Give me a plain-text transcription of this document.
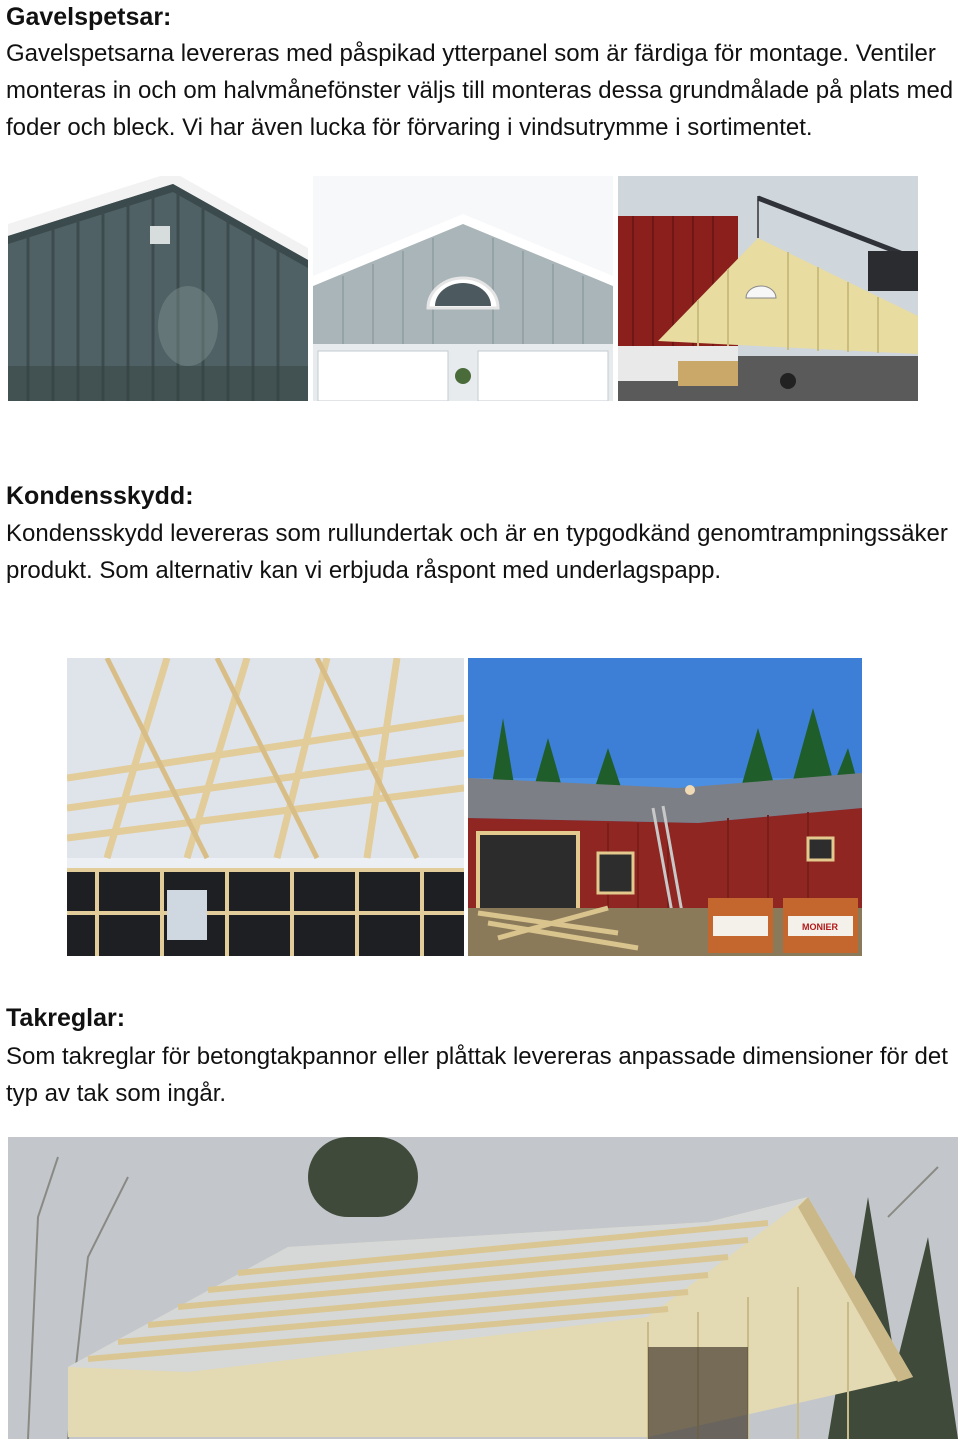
Gavelspetsar:

Gavelspetsarna levereras med påspikad ytterpanel som är färdiga för montage. Ventiler monteras in och om halvmånefönster väljs till monteras dessa grundmålade på plats med foder och bleck. Vi har även lucka för förvaring i vindsutrymme i sortimentet.

Kondensskydd:

Kondensskydd levereras som rullundertak och är en typgodkänd genomtrampningssäker produkt. Som alternativ kan vi erbjuda råspont med underlagspapp.

MONIER
Takreglar:

Som takreglar för betongtakpannor eller plåttak levereras anpassade dimensioner för det typ av tak som ingår.
